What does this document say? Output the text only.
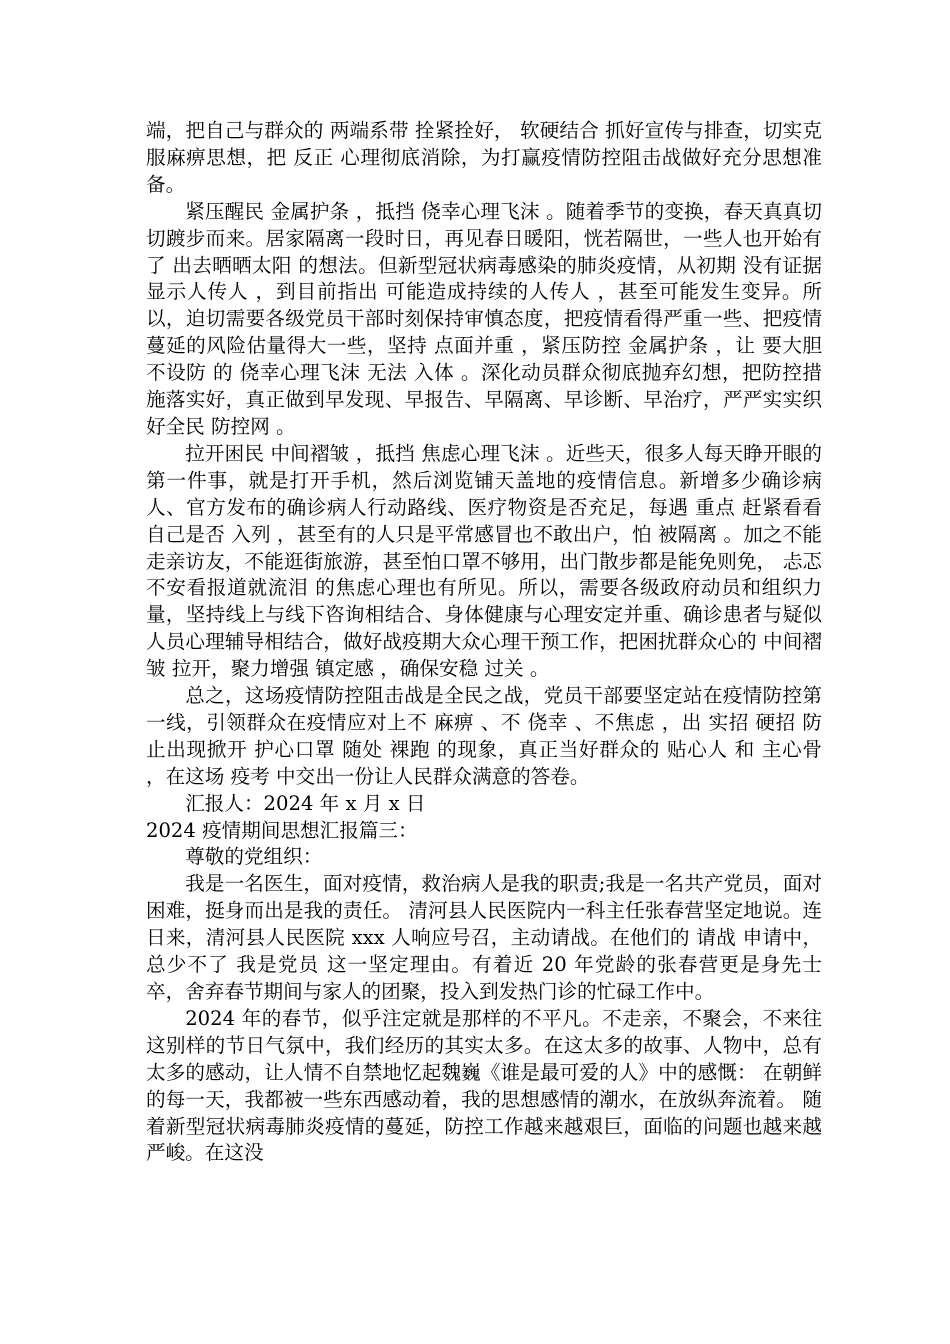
端，把自己与群众的 两端系带 拴紧拴好， 软硬结合 抓好宣传与排查，切实克服麻痹思想，把 反正 心理彻底消除，为打赢疫情防控阻击战做好充分思想准备。

紧压醒民 金属护条 ，抵挡 侥幸心理飞沫 。随着季节的变换，春天真真切切踱步而来。居家隔离一段时日，再见春日暖阳，恍若隔世，一些人也开始有了 出去晒晒太阳 的想法。但新型冠状病毒感染的肺炎疫情，从初期 没有证据显示人传人 ，到目前指出 可能造成持续的人传人 ，甚至可能发生变异。所以，迫切需要各级党员干部时刻保持审慎态度，把疫情看得严重一些、把疫情蔓延的风险估量得大一些，坚持 点面并重 ，紧压防控 金属护条 ，让 要大胆不设防 的 侥幸心理飞沫 无法 入体 。深化动员群众彻底抛弃幻想，把防控措施落实好，真正做到早发现、早报告、早隔离、早诊断、早治疗，严严实实织好全民 防控网 。

拉开困民 中间褶皱 ，抵挡 焦虑心理飞沫 。近些天，很多人每天睁开眼的第一件事，就是打开手机，然后浏览铺天盖地的疫情信息。新增多少确诊病人、官方发布的确诊病人行动路线、医疗物资是否充足，每遇 重点 赶紧看看自己是否 入列 ，甚至有的人只是平常感冒也不敢出户，怕 被隔离 。加之不能走亲访友，不能逛街旅游，甚至怕口罩不够用，出门散步都是能免则免， 忐忑不安看报道就流泪 的焦虑心理也有所见。所以，需要各级政府动员和组织力量，坚持线上与线下咨询相结合、身体健康与心理安定并重、确诊患者与疑似人员心理辅导相结合，做好战疫期大众心理干预工作，把困扰群众心的 中间褶皱 拉开，聚力增强 镇定感 ，确保安稳 过关 。

总之，这场疫情防控阻击战是全民之战，党员干部要坚定站在疫情防控第一线，引领群众在疫情应对上不 麻痹 、不 侥幸 、不焦虑 ，出 实招 硬招 防止出现掀开 护心口罩 随处 裸跑 的现象，真正当好群众的 贴心人 和 主心骨 ，在这场 疫考 中交出一份让人民群众满意的答卷。

汇报人：2024 年 x 月 x 日

2024 疫情期间思想汇报篇三：

尊敬的党组织：

我是一名医生，面对疫情，救治病人是我的职责;我是一名共产党员，面对困难，挺身而出是我的责任。 清河县人民医院内一科主任张春营坚定地说。连日来，清河县人民医院 xxx 人响应号召，主动请战。在他们的 请战 申请中，总少不了 我是党员 这一坚定理由。有着近 20 年党龄的张春营更是身先士卒，舍弃春节期间与家人的团聚，投入到发热门诊的忙碌工作中。

2024 年的春节，似乎注定就是那样的不平凡。不走亲，不聚会，不来往 这别样的节日气氛中，我们经历的其实太多。在这太多的故事、人物中，总有太多的感动，让人情不自禁地忆起魏巍《谁是最可爱的人》中的感慨： 在朝鲜的每一天，我都被一些东西感动着，我的思想感情的潮水，在放纵奔流着。 随着新型冠状病毒肺炎疫情的蔓延，防控工作越来越艰巨，面临的问题也越来越严峻。在这没
